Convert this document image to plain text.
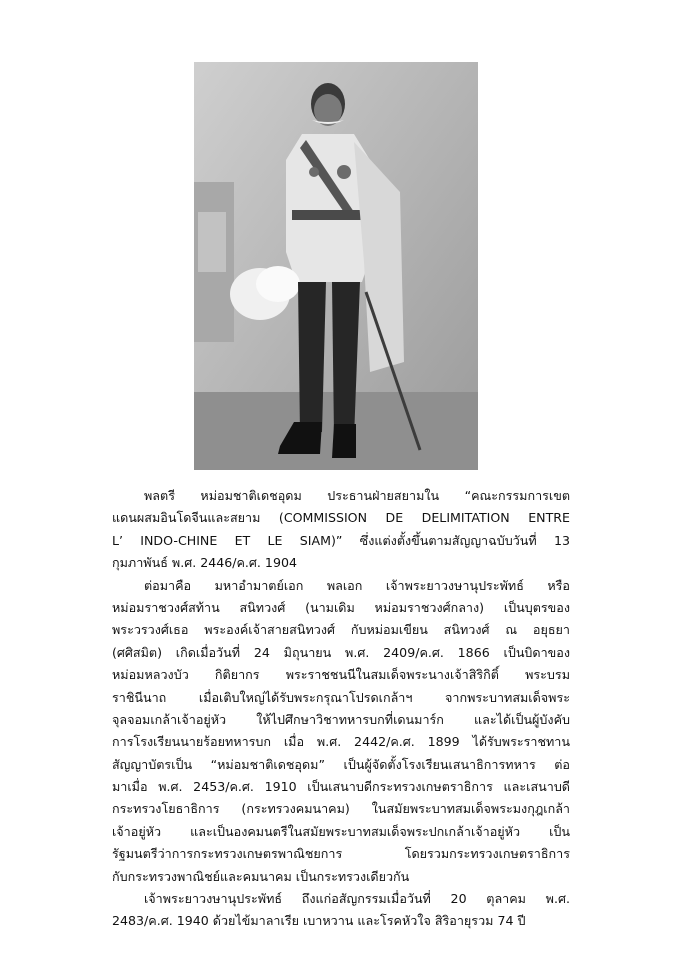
พลตรี หม่อมชาติเดชอุดม ประธานฝ่ายสยามใน “คณะกรรมการเขต
แดนผสมอินโดจีนและสยาม (COMMISSION DE DELIMITATION ENTRE
L’ INDO-CHINE ET LE SIAM)” ซึ่งแต่งตั้งขึ้นตามสัญญาฉบับวันที่ 13
กุมภาพันธ์ พ.ศ. 2446/ค.ศ. 1904
ต่อมาคือ มหาอำมาตย์เอก พลเอก เจ้าพระยาวงษานุประพัทธ์ หรือ
หม่อมราชวงศ์สท้าน สนิทวงศ์ (นามเดิม หม่อมราชวงศ์กลาง) เป็นบุตรของ
พระวรวงศ์เธอ พระองค์เจ้าสายสนิทวงศ์ กับหม่อมเขียน สนิทวงศ์ ณ อยุธยา
(ศศิสมิต) เกิดเมื่อวันที่ 24 มิถุนายน พ.ศ. 2409/ค.ศ. 1866 เป็นบิดาของ
หม่อมหลวงบัว กิติยากร พระราชชนนีในสมเด็จพระนางเจ้าสิริกิติ์ พระบรม
ราชินีนาถ เมื่อเติบใหญ่ได้รับพระกรุณาโปรดเกล้าฯ จากพระบาทสมเด็จพระ
จุลจอมเกล้าเจ้าอยู่หัว ให้ไปศึกษาวิชาทหารบกที่เดนมาร์ก และได้เป็นผู้บังคับ
การโรงเรียนนายร้อยทหารบก เมื่อ พ.ศ. 2442/ค.ศ. 1899 ได้รับพระราชทาน
สัญญาบัตรเป็น “หม่อมชาติเดชอุดม” เป็นผู้จัดตั้งโรงเรียนเสนาธิการทหาร ต่อ
มาเมื่อ พ.ศ. 2453/ค.ศ. 1910 เป็นเสนาบดีกระทรวงเกษตราธิการ และเสนาบดี
กระทรวงโยธาธิการ (กระทรวงคมนาคม) ในสมัยพระบาทสมเด็จพระมงกุฎเกล้า
เจ้าอยู่หัว และเป็นองคมนตรีในสมัยพระบาทสมเด็จพระปกเกล้าเจ้าอยู่หัว เป็น
รัฐมนตรีว่าการกระทรวงเกษตรพาณิชยการ โดยรวมกระทรวงเกษตราธิการ
กับกระทรวงพาณิชย์และคมนาคม เป็นกระทรวงเดียวกัน
เจ้าพระยาวงษานุประพัทธ์ ถึงแก่อสัญกรรมเมื่อวันที่ 20 ตุลาคม พ.ศ.
2483/ค.ศ. 1940 ด้วยไข้มาลาเรีย เบาหวาน และโรคหัวใจ สิริอายุรวม 74 ปี
